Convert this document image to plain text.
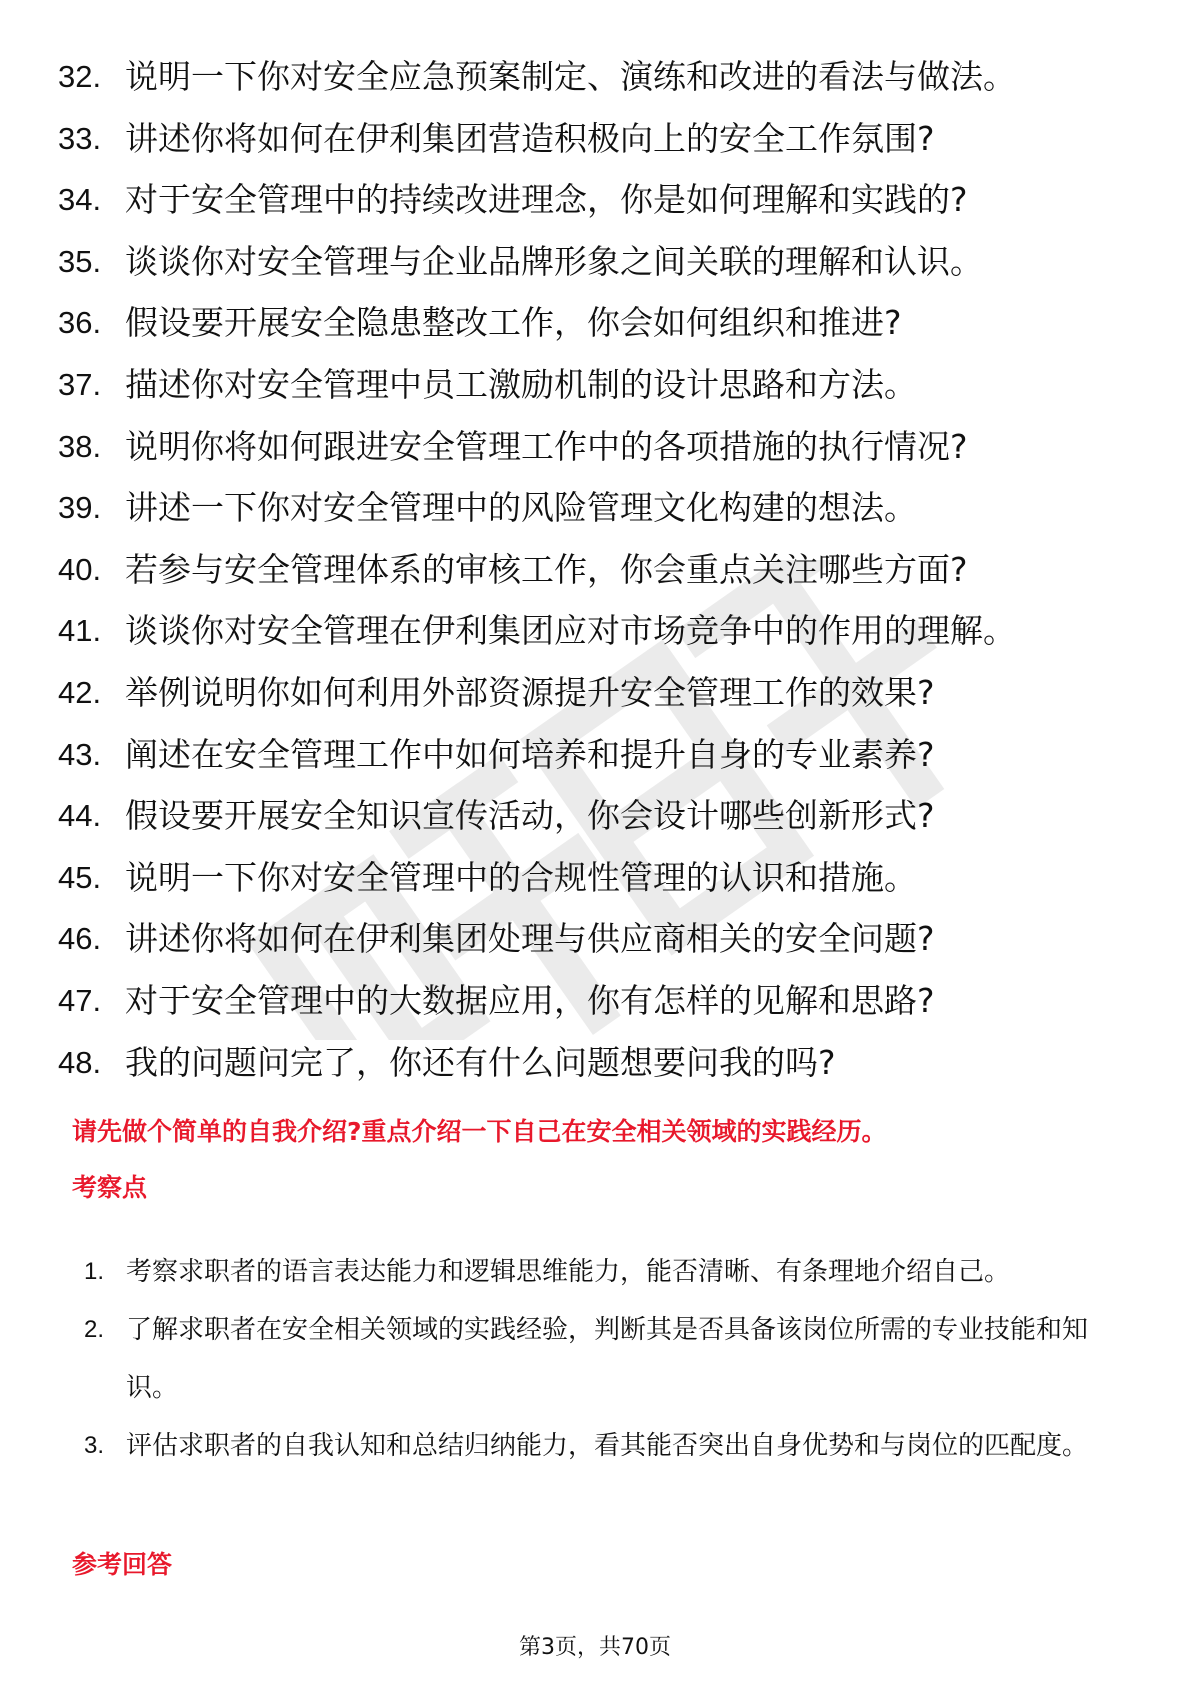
32. 说明一下你对安全应急预案制定、演练和改进的看法与做法。
33. 讲述你将如何在伊利集团营造积极向上的安全工作氛围?
34. 对于安全管理中的持续改进理念，你是如何理解和实践的?
35. 谈谈你对安全管理与企业品牌形象之间关联的理解和认识。
36. 假设要开展安全隐患整改工作，你会如何组织和推进?
37. 描述你对安全管理中员工激励机制的设计思路和方法。
38. 说明你将如何跟进安全管理工作中的各项措施的执行情况?
39. 讲述一下你对安全管理中的风险管理文化构建的想法。
40. 若参与安全管理体系的审核工作，你会重点关注哪些方面?
41. 谈谈你对安全管理在伊利集团应对市场竞争中的作用的理解。
42. 举例说明你如何利用外部资源提升安全管理工作的效果?
43. 阐述在安全管理工作中如何培养和提升自身的专业素养?
44. 假设要开展安全知识宣传活动，你会设计哪些创新形式?
45. 说明一下你对安全管理中的合规性管理的认识和措施。
46. 讲述你将如何在伊利集团处理与供应商相关的安全问题?
47. 对于安全管理中的大数据应用，你有怎样的见解和思路?
48. 我的问题问完了，你还有什么问题想要问我的吗?
请先做个简单的自我介绍?重点介绍一下自己在安全相关领域的实践经历。
考察点
1. 考察求职者的语言表达能力和逻辑思维能力，能否清晰、有条理地介绍自己。
2. 了解求职者在安全相关领域的实践经验，判断其是否具备该岗位所需的专业技能和知识。
3. 评估求职者的自我认知和总结归纳能力，看其能否突出自身优势和与岗位的匹配度。
参考回答
第3页，共70页
